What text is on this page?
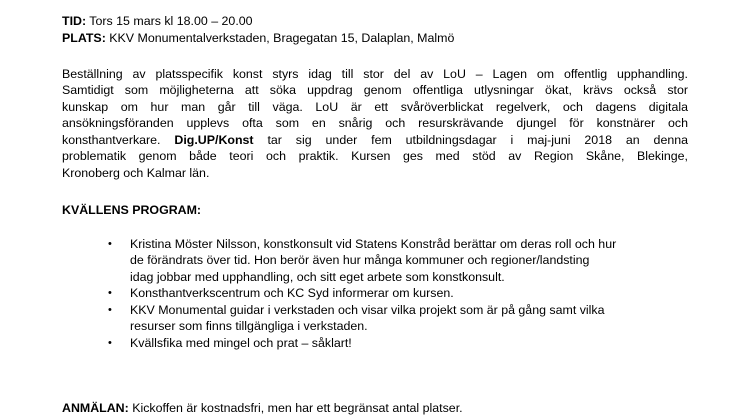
TID: Tors 15 mars kl 18.00 – 20.00
PLATS: KKV Monumentalverkstaden, Bragegatan 15, Dalaplan, Malmö
Beställning av platsspecifik konst styrs idag till stor del av LoU – Lagen om offentlig upphandling.
Samtidigt som möjligheterna att söka uppdrag genom offentliga utlysningar ökat, krävs också stor
kunskap om hur man går till väga. LoU är ett svåröverblickat regelverk, och dagens digitala
ansökningsföranden upplevs ofta som en snårig och resurskrävande djungel för konstnärer och
konsthantverkare. Dig.UP/Konst tar sig under fem utbildningsdagar i maj-juni 2018 an denna
problematik genom både teori och praktik. Kursen ges med stöd av Region Skåne, Blekinge,
Kronoberg och Kalmar län.
KVÄLLENS PROGRAM:
• Kristina Möster Nilsson, konstkonsult vid Statens Konstråd berättar om deras roll och hur
de förändrats över tid. Hon berör även hur många kommuner och regioner/landsting
idag jobbar med upphandling, och sitt eget arbete som konstkonsult.
• Konsthantverkscentrum och KC Syd informerar om kursen.
• KKV Monumental guidar i verkstaden och visar vilka projekt som är på gång samt vilka
resurser som finns tillgängliga i verkstaden.
• Kvällsfika med mingel och prat – såklart!
ANMÄLAN: Kickoffen är kostnadsfri, men har ett begränsat antal platser.
